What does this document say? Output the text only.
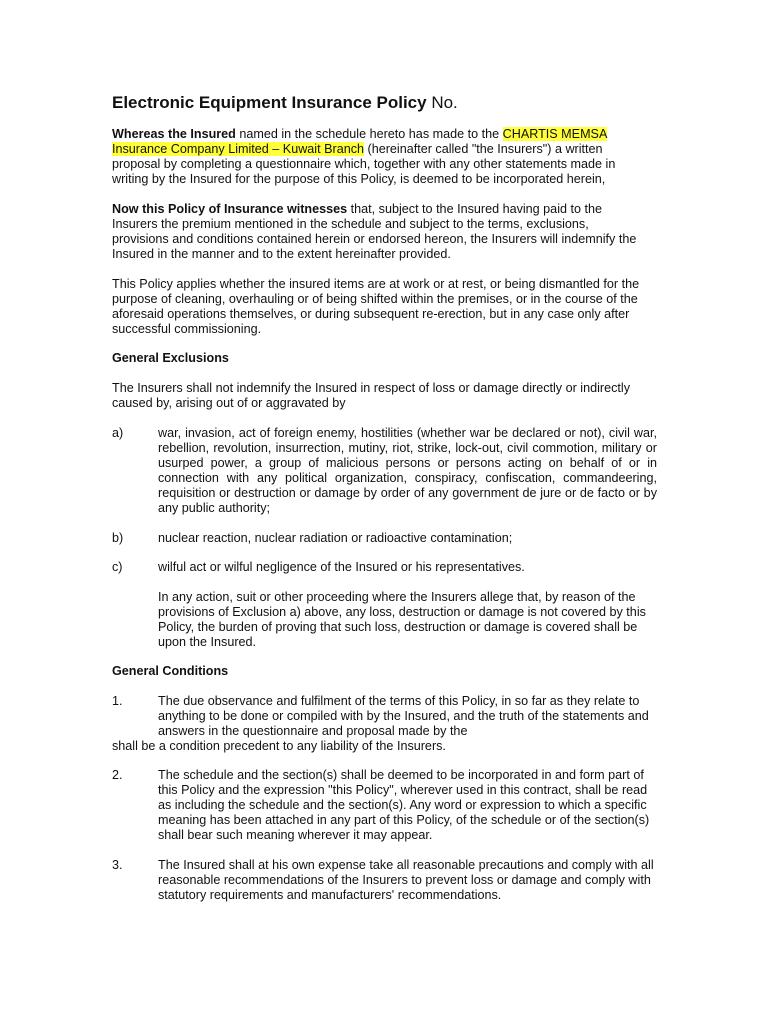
Electronic Equipment Insurance Policy No.

Whereas the Insured named in the schedule hereto has made to the CHARTIS MEMSA Insurance Company Limited – Kuwait Branch (hereinafter called "the Insurers") a written proposal by completing a questionnaire which, together with any other statements made in writing by the Insured for the purpose of this Policy, is deemed to be incorporated herein,

Now this Policy of Insurance witnesses that, subject to the Insured having paid to the Insurers the premium mentioned in the schedule and subject to the terms, exclusions, provisions and conditions contained herein or endorsed hereon, the Insurers will indemnify the Insured in the manner and to the extent hereinafter provided.

This Policy applies whether the insured items are at work or at rest, or being dismantled for the purpose of cleaning, overhauling or of being shifted within the premises, or in the course of the aforesaid operations themselves, or during subsequent re-erection, but in any case only after successful commissioning.

General Exclusions

The Insurers shall not indemnify the Insured in respect of loss or damage directly or indirectly caused by, arising out of or aggravated by

a)	war, invasion, act of foreign enemy, hostilities (whether war be declared or not), civil war, rebellion, revolution, insurrection, mutiny, riot, strike, lock-out, civil commotion, military or usurped power, a group of malicious persons or persons acting on behalf of or in connection with any political organization, conspiracy, confiscation, commandeering, requisition or destruction or damage by order of any government de jure or de facto or by any public authority;
b)	nuclear reaction, nuclear radiation or radioactive contamination;
c)	wilful act or wilful negligence of the Insured or his representatives.
In any action, suit or other proceeding where the Insurers allege that, by reason of the provisions of Exclusion a) above, any loss, destruction or damage is not covered by this Policy, the burden of proving that such loss, destruction or damage is covered shall be upon the Insured.

General Conditions

1.	The due observance and fulfilment of the terms of this Policy, in so far as they relate to anything to be done or compiled with by the Insured, and the truth of the statements and answers in the questionnaire and proposal made by the

shall be a condition precedent to any liability of the Insurers.

2.	The schedule and the section(s) shall be deemed to be incorporated in and form part of this Policy and the expression "this Policy", wherever used in this contract, shall be read as including the schedule and the section(s). Any word or expression to which a specific meaning has been attached in any part of this Policy, of the schedule or of the section(s) shall bear such meaning wherever it may appear.
3.	The Insured shall at his own expense take all reasonable precautions and comply with all reasonable recommendations of the Insurers to prevent loss or damage and comply with statutory requirements and manufacturers' recommendations.
